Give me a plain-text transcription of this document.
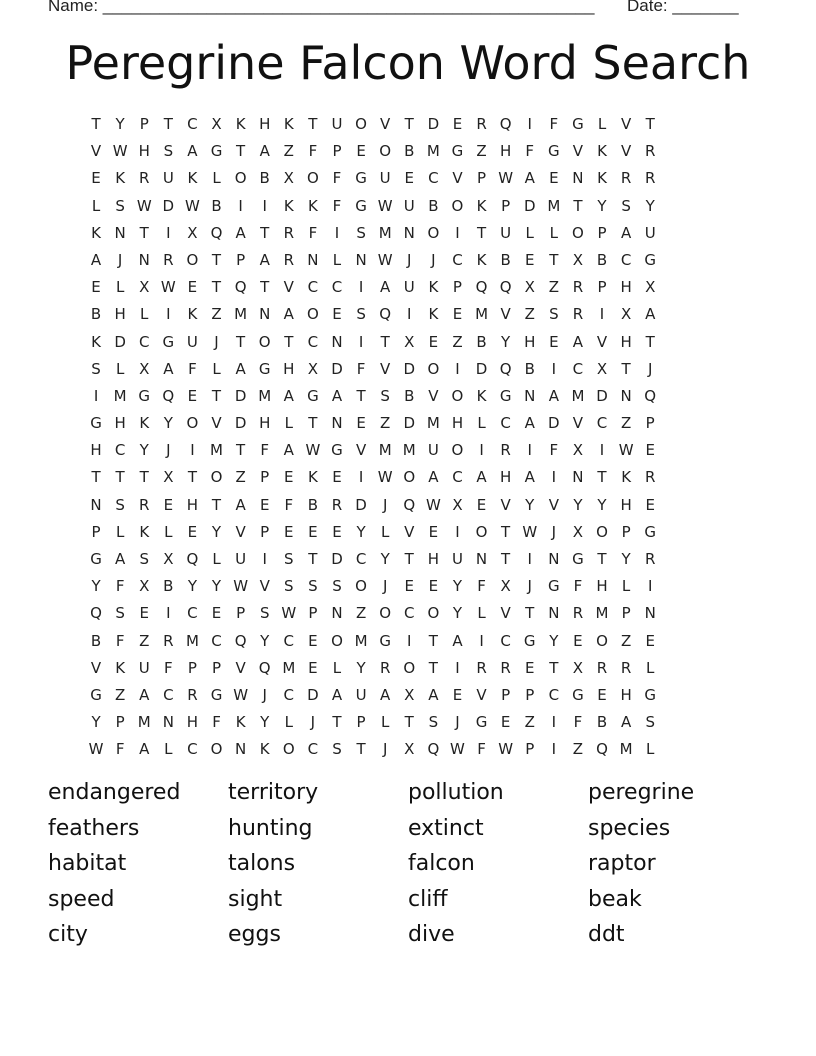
Name: ____________________________________________________ Date: _______
Peregrine Falcon Word Search
T Y P T C X K H K T U O V T D E R Q	I	F G L V T
V W H S A G T A Z F	P E O B M G Z H F G V K V R
E K R U K L O B X O F G U E C V P W A E N K R R
L	S W D W B	I	I	K K F G W U B O K P D M T Y S Y
K N T	I	X Q A T R F	I	S M N O	I	T U L	L O P A U
A	J	N R O T P A R N L N W J	J	C K B E T X B C G
E	L X W E T Q T V C C	I	A U K P Q Q X Z R P H X
B H L	I	K Z M N A O E S Q	I	K E M V Z S R	I	X A
K D C G U	J	T O T C N	I	T X E Z B Y H E A V H T
S	L X A F	L A G H X D F V D O	I	D Q B	I	C X T	J
I	M G Q E T D M A G A T S B V O K G N A M D N Q
G H K Y O V D H L	T N E Z D M H L C A D V C Z P
H C Y	J	I	M T	F A W G V M M U O	I	R	I	F X	I W E
T T T X T O Z P E K E	I W O A C A H A	I	N T K R
N S R E H T A E	F B R D	J	Q W X E V Y V Y Y H E
P	L	K L	E Y V P E E E Y	L V E	I	O T W J	X O P G
G A S X Q L U	I	S T D C Y T H U N T	I	N G T Y R
Y	F X B Y Y W V S S S O	J	E E Y	F X	J	G F H L	I
Q S E	I	C E P S W P N Z O C O Y	L V T N R M P N
B F Z R M C Q Y C E O M G	I	T A	I	C G Y E O Z E
V K U F	P	P V Q M E	L	Y R O T	I	R R E T X R R L
G Z A C R G W J	C D A U A X A E V P	P C G E H G
Y P M N H F K Y	L	J	T P	L	T S	J	G E Z	I	F B A S
W F A L C O N K O C S T	J	X Q W F W P	I	Z Q M L
endangered	territory	pollution	peregrine
feathers	hunting	extinct	species
habitat	talons	falcon	raptor
speed	sight	cliff	beak
city	eggs	dive	ddt
